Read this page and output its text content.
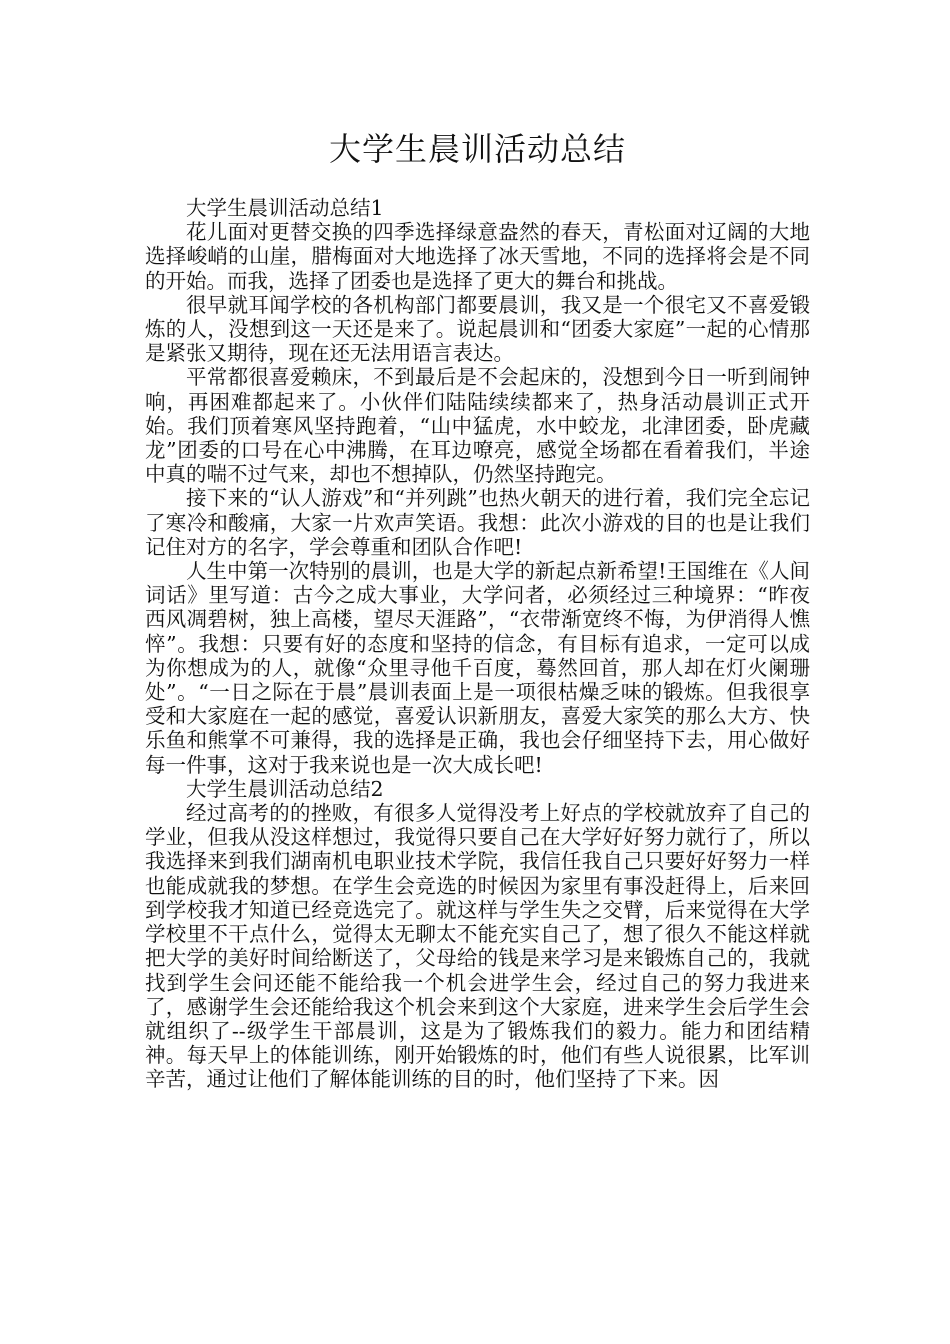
大学生晨训活动总结

大学生晨训活动总结1

花儿面对更替交换的四季选择绿意盎然的春天，青松面对辽阔的大地选择峻峭的山崖，腊梅面对大地选择了冰天雪地，不同的选择将会是不同的开始。而我，选择了团委也是选择了更大的舞台和挑战。

很早就耳闻学校的各机构部门都要晨训，我又是一个很宅又不喜爱锻炼的人，没想到这一天还是来了。说起晨训和“团委大家庭”一起的心情那是紧张又期待，现在还无法用语言表达。

平常都很喜爱赖床，不到最后是不会起床的，没想到今日一听到闹钟响，再困难都起来了。小伙伴们陆陆续续都来了，热身活动晨训正式开始。我们顶着寒风坚持跑着，“山中猛虎，水中蛟龙，北津团委，卧虎藏龙”团委的口号在心中沸腾，在耳边嘹亮，感觉全场都在看着我们，半途中真的喘不过气来，却也不想掉队，仍然坚持跑完。

接下来的“认人游戏”和“并列跳”也热火朝天的进行着，我们完全忘记了寒冷和酸痛，大家一片欢声笑语。我想：此次小游戏的目的也是让我们记住对方的名字，学会尊重和团队合作吧!

人生中第一次特别的晨训，也是大学的新起点新希望!王国维在《人间词话》里写道：古今之成大事业，大学问者，必须经过三种境界：“昨夜西风凋碧树，独上高楼，望尽天涯路”，“衣带渐宽终不悔，为伊消得人憔悴”。我想：只要有好的态度和坚持的信念，有目标有追求，一定可以成为你想成为的人，就像“众里寻他千百度，蓦然回首，那人却在灯火阑珊处”。“一日之际在于晨”晨训表面上是一项很枯燥乏味的锻炼。但我很享受和大家庭在一起的感觉，喜爱认识新朋友，喜爱大家笑的那么大方、快乐鱼和熊掌不可兼得，我的选择是正确，我也会仔细坚持下去，用心做好每一件事，这对于我来说也是一次大成长吧!

大学生晨训活动总结2

经过高考的的挫败，有很多人觉得没考上好点的学校就放弃了自己的学业，但我从没这样想过，我觉得只要自己在大学好好努力就行了，所以我选择来到我们湖南机电职业技术学院，我信任我自己只要好好努力一样也能成就我的梦想。在学生会竞选的时候因为家里有事没赶得上，后来回到学校我才知道已经竞选完了。就这样与学生失之交臂，后来觉得在大学学校里不干点什么，觉得太无聊太不能充实自己了，想了很久不能这样就把大学的美好时间给断送了，父母给的钱是来学习是来锻炼自己的，我就找到学生会问还能不能给我一个机会进学生会，经过自己的努力我进来了，感谢学生会还能给我这个机会来到这个大家庭，进来学生会后学生会就组织了--级学生干部晨训，这是为了锻炼我们的毅力。能力和团结精神。每天早上的体能训练，刚开始锻炼的时，他们有些人说很累，比军训辛苦，通过让他们了解体能训练的目的时，他们坚持了下来。因
